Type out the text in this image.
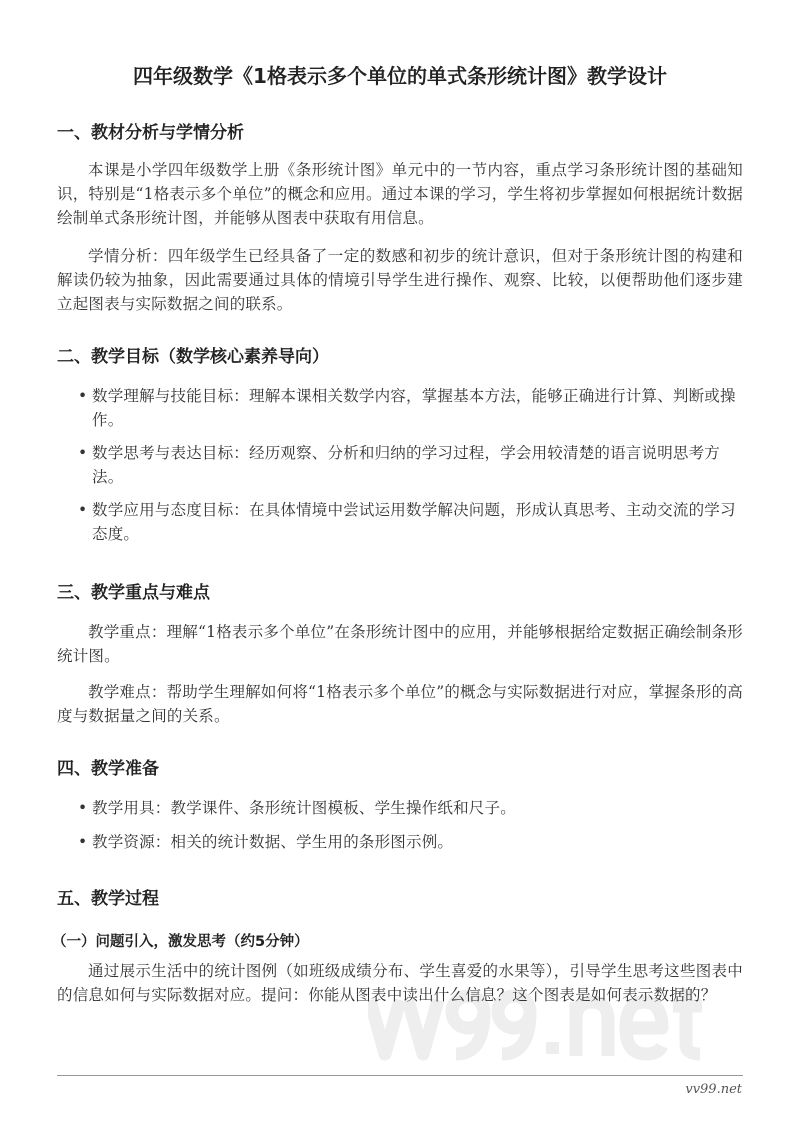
四年级数学《1格表示多个单位的单式条形统计图》教学设计
一、教材分析与学情分析
本课是小学四年级数学上册《条形统计图》单元中的一节内容，重点学习条形统计图的基础知识，特别是“1格表示多个单位”的概念和应用。通过本课的学习，学生将初步掌握如何根据统计数据绘制单式条形统计图，并能够从图表中获取有用信息。
学情分析：四年级学生已经具备了一定的数感和初步的统计意识，但对于条形统计图的构建和解读仍较为抽象，因此需要通过具体的情境引导学生进行操作、观察、比较，以便帮助他们逐步建立起图表与实际数据之间的联系。
二、教学目标（数学核心素养导向）
• 数学理解与技能目标：理解本课相关数学内容，掌握基本方法，能够正确进行计算、判断或操作。
• 数学思考与表达目标：经历观察、分析和归纳的学习过程，学会用较清楚的语言说明思考方法。
• 数学应用与态度目标：在具体情境中尝试运用数学解决问题，形成认真思考、主动交流的学习态度。
三、教学重点与难点
教学重点：理解“1格表示多个单位”在条形统计图中的应用，并能够根据给定数据正确绘制条形统计图。
教学难点：帮助学生理解如何将“1格表示多个单位”的概念与实际数据进行对应，掌握条形的高度与数据量之间的关系。
四、教学准备
• 教学用具：教学课件、条形统计图模板、学生操作纸和尺子。
• 教学资源：相关的统计数据、学生用的条形图示例。
五、教学过程
（一）问题引入，激发思考（约5分钟）
通过展示生活中的统计图例（如班级成绩分布、学生喜爱的水果等），引导学生思考这些图表中的信息如何与实际数据对应。提问：你能从图表中读出什么信息？这个图表是如何表示数据的？
vv99.net
